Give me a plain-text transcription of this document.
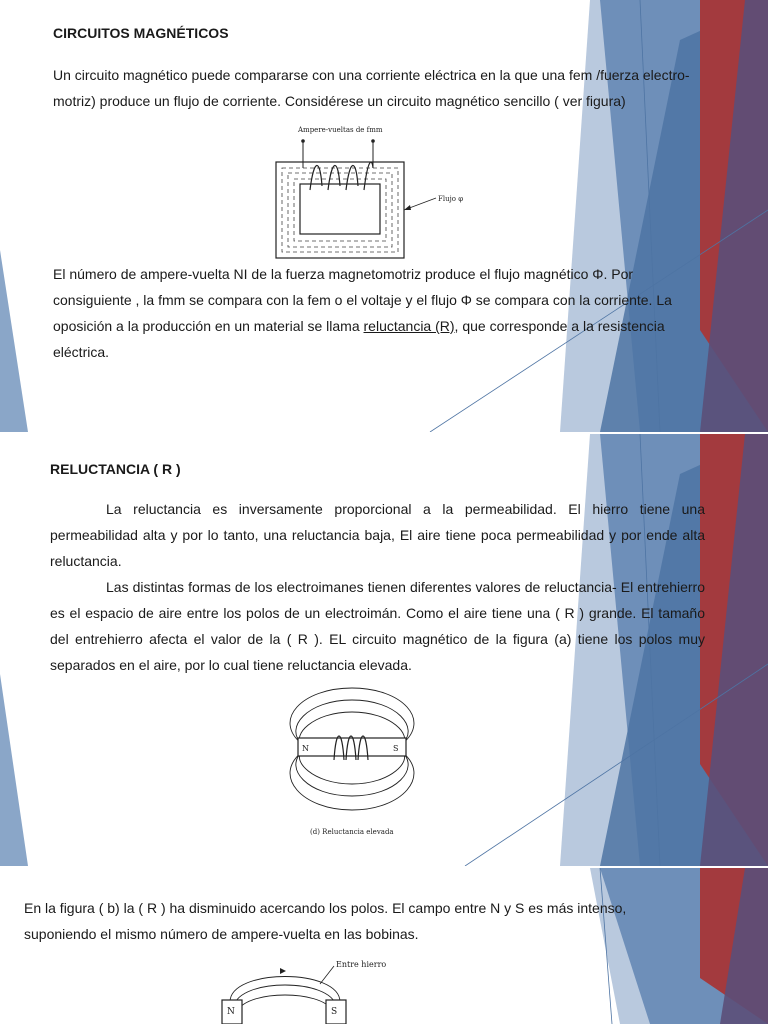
CIRCUITOS MAGNÉTICOS

Un circuito magnético puede compararse con una corriente eléctrica en la que una fem /fuerza electro-motriz) produce un flujo de corriente. Considérese un circuito magnético sencillo ( ver figura)

Ampere-vueltas de fmm
Flujo φ

El número de ampere-vuelta NI de la fuerza magnetomotriz produce el flujo magnético Φ. Por consiguiente , la fmm se compara con la fem o el voltaje y el flujo Φ se compara con la corriente. La oposición a la producción en un material se llama reluctancia (R), que corresponde a la resistencia eléctrica.

RELUCTANCIA ( R )

La reluctancia es inversamente proporcional a la permeabilidad. El hierro tiene una permeabilidad alta y por lo tanto, una reluctancia baja, El aire tiene poca permeabilidad y por ende alta reluctancia.

Las distintas formas de los electroimanes tienen diferentes valores de reluctancia- El entrehierro es el espacio de aire entre los polos de un electroimán. Como el aire tiene una ( R ) grande. El tamaño del entrehierro afecta el valor de la ( R ). EL circuito magnético de la figura (a) tiene los polos muy separados en el aire, por lo cual tiene reluctancia elevada.

N	S
(d) Reluctancia elevada

En la figura ( b) la ( R ) ha disminuido acercando los polos. El campo entre N y S es más intenso, suponiendo el mismo número de ampere-vuelta en las bobinas.

Entre hierro
N	S
